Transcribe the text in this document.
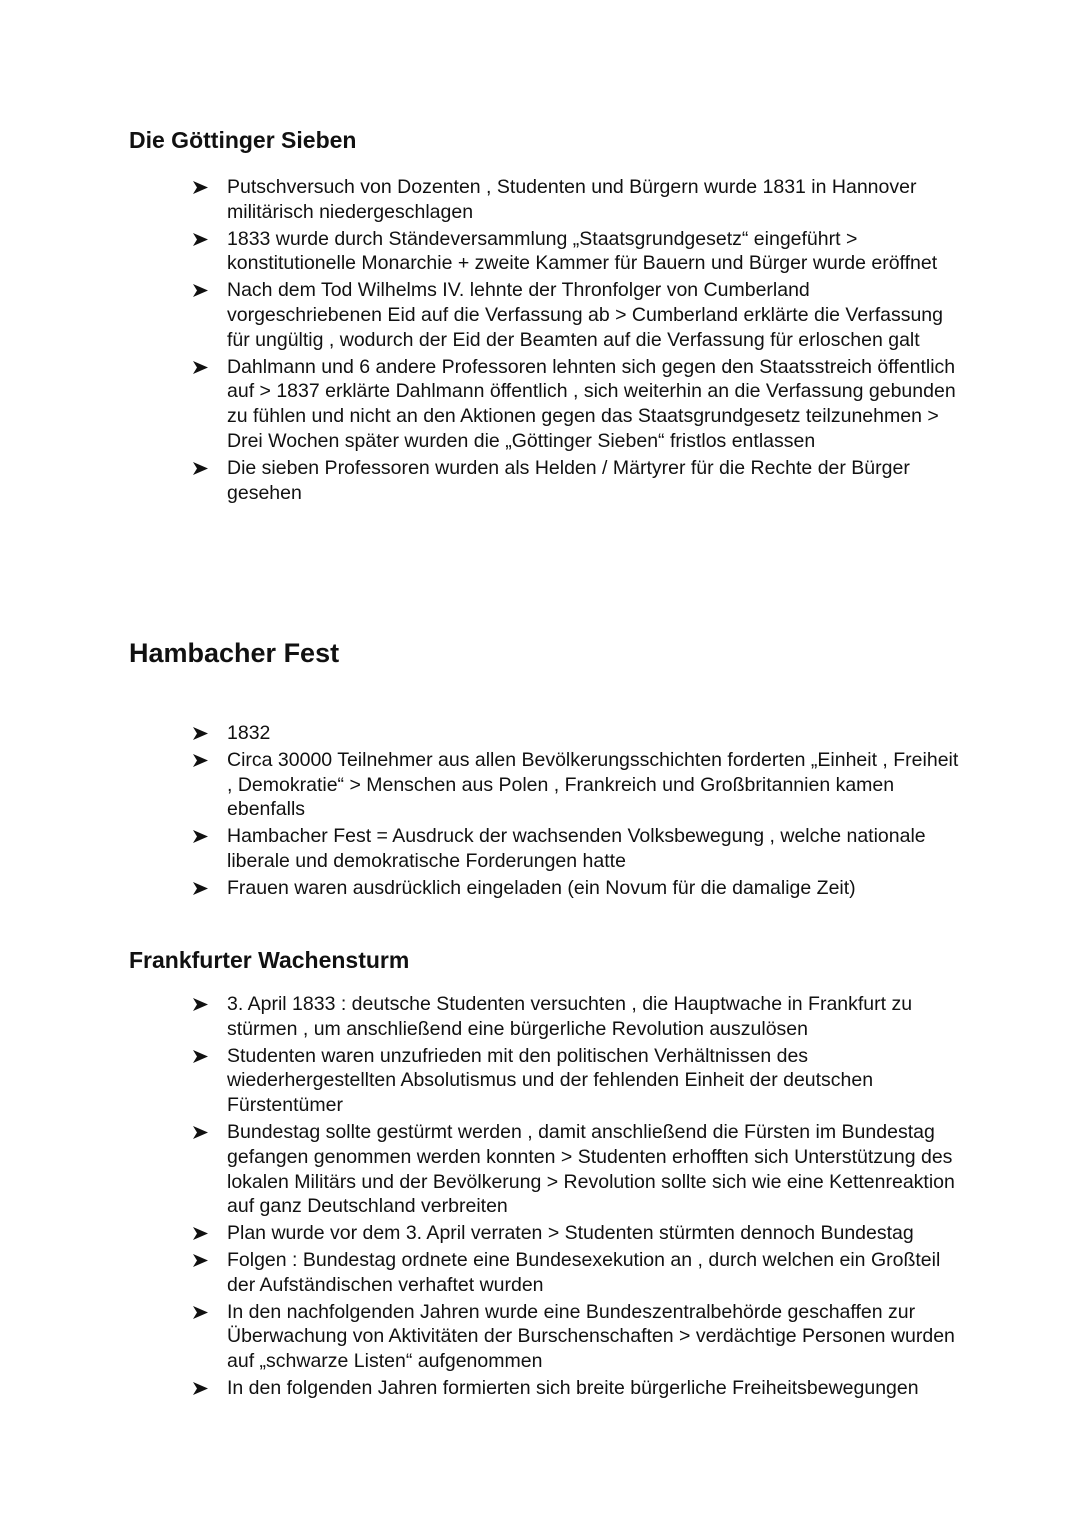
Die Göttinger Sieben
Putschversuch von Dozenten , Studenten und Bürgern wurde 1831 in Hannover militärisch niedergeschlagen
1833 wurde durch Ständeversammlung „Staatsgrundgesetz“ eingeführt > konstitutionelle Monarchie + zweite Kammer für Bauern und Bürger wurde eröffnet
Nach dem Tod Wilhelms IV. lehnte der Thronfolger von Cumberland vorgeschriebenen Eid auf die Verfassung ab > Cumberland erklärte die Verfassung für ungültig , wodurch der Eid der Beamten auf die Verfassung für erloschen galt
Dahlmann und 6 andere Professoren lehnten sich gegen den Staatsstreich öffentlich auf > 1837 erklärte Dahlmann öffentlich , sich weiterhin an die Verfassung gebunden zu fühlen und nicht an den Aktionen gegen das Staatsgrundgesetz teilzunehmen > Drei Wochen später wurden die „Göttinger Sieben“ fristlos entlassen
Die sieben Professoren wurden als Helden / Märtyrer für die Rechte der Bürger gesehen
Hambacher Fest
1832
Circa 30000 Teilnehmer aus allen Bevölkerungsschichten forderten „Einheit , Freiheit , Demokratie“ > Menschen aus Polen , Frankreich und Großbritannien kamen ebenfalls
Hambacher Fest = Ausdruck der wachsenden Volksbewegung , welche nationale liberale und demokratische Forderungen hatte
Frauen waren ausdrücklich eingeladen (ein Novum für die damalige Zeit)
Frankfurter Wachensturm
3. April 1833 : deutsche Studenten versuchten , die Hauptwache in Frankfurt zu stürmen , um anschließend eine bürgerliche Revolution auszulösen
Studenten waren unzufrieden mit den politischen Verhältnissen des wiederhergestellten Absolutismus und der fehlenden Einheit der deutschen Fürstentümer
Bundestag sollte gestürmt werden , damit anschließend die Fürsten im Bundestag gefangen genommen werden konnten > Studenten erhofften sich Unterstützung des lokalen Militärs und der Bevölkerung > Revolution sollte sich wie eine Kettenreaktion auf ganz Deutschland verbreiten
Plan wurde vor dem 3. April verraten > Studenten stürmten dennoch Bundestag
Folgen : Bundestag ordnete eine Bundesexekution an , durch welchen ein Großteil der Aufständischen verhaftet wurden
In den nachfolgenden Jahren wurde eine Bundeszentralbehörde geschaffen zur Überwachung von Aktivitäten der Burschenschaften > verdächtige Personen wurden auf „schwarze Listen“ aufgenommen
In den folgenden Jahren formierten sich breite bürgerliche Freiheitsbewegungen
